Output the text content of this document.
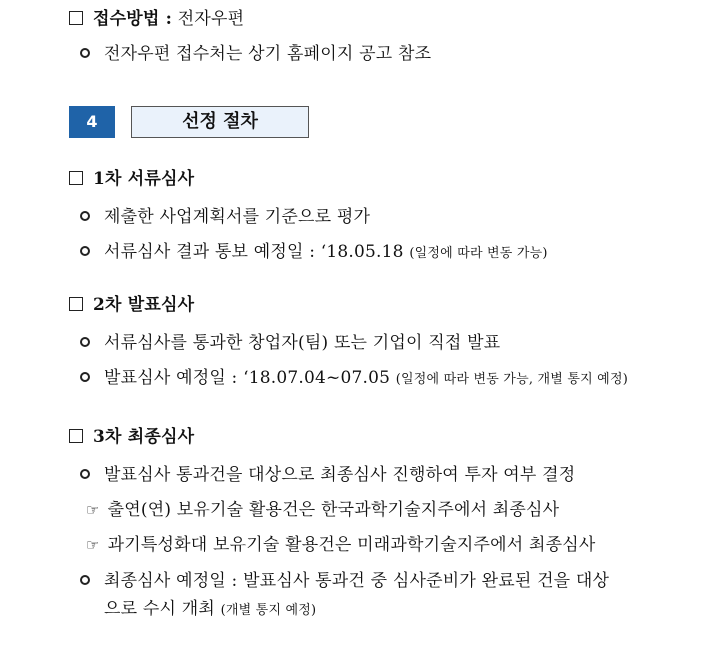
접수방법 : 전자우편
전자우편 접수처는 상기 홈페이지 공고 참조
4	선정 절차
1차 서류심사
제출한 사업계획서를 기준으로 평가
서류심사 결과 통보 예정일 : ‘18.05.18 (일정에 따라 변동 가능)
2차 발표심사
서류심사를 통과한 창업자(팀) 또는 기업이 직접 발표
발표심사 예정일 : ‘18.07.04~07.05 (일정에 따라 변동 가능, 개별 통지 예정)
3차 최종심사
발표심사 통과건을 대상으로 최종심사 진행하여 투자 여부 결정
☞ 출연(연) 보유기술 활용건은 한국과학기술지주에서 최종심사
☞ 과기특성화대 보유기술 활용건은 미래과학기술지주에서 최종심사
최종심사 예정일 : 발표심사 통과건 중 심사준비가 완료된 건을 대상
으로 수시 개최 (개별 통지 예정)
